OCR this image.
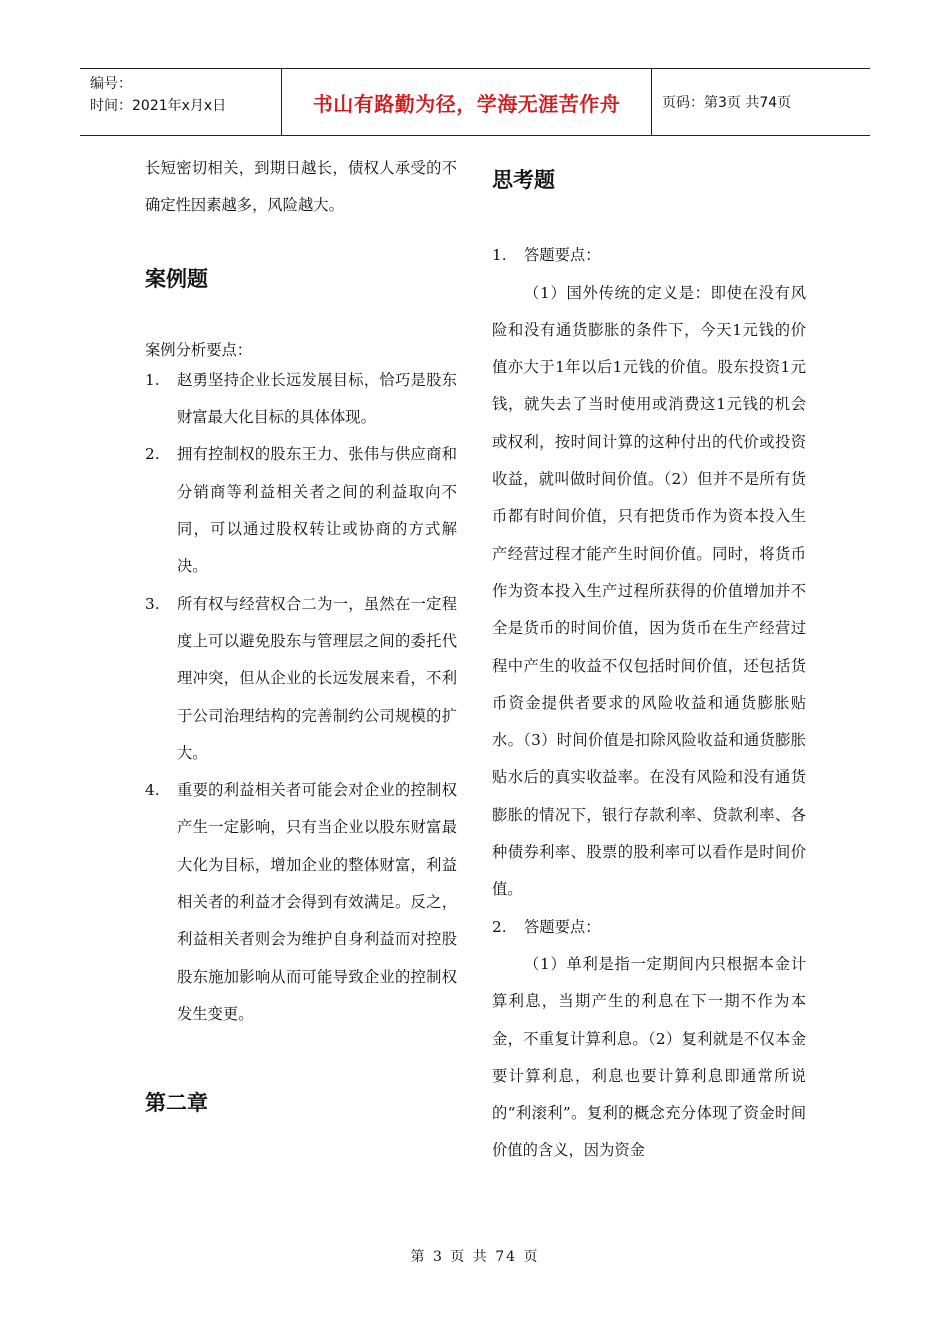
编号：
时间：2021年x月x日	书山有路勤为径，学海无涯苦作舟	页码：第3页 共74页

长短密切相关，到期日越长，债权人承受的不确定性因素越多，风险越大。

案例题

案例分析要点：

1.	赵勇坚持企业长远发展目标，恰巧是股东财富最大化目标的具体体现。
2.	拥有控制权的股东王力、张伟与供应商和分销商等利益相关者之间的利益取向不同，可以通过股权转让或协商的方式解决。
3.	所有权与经营权合二为一，虽然在一定程度上可以避免股东与管理层之间的委托代理冲突，但从企业的长远发展来看，不利于公司治理结构的完善制约公司规模的扩大。
4.	重要的利益相关者可能会对企业的控制权产生一定影响，只有当企业以股东财富最大化为目标，增加企业的整体财富，利益相关者的利益才会得到有效满足。反之，利益相关者则会为维护自身利益而对控股股东施加影响从而可能导致企业的控制权发生变更。
第二章
思考题
1.	答题要点：

（1）国外传统的定义是：即使在没有风险和没有通货膨胀的条件下，今天1元钱的价值亦大于1年以后1元钱的价值。股东投资1元钱，就失去了当时使用或消费这1元钱的机会或权利，按时间计算的这种付出的代价或投资收益，就叫做时间价值。（2）但并不是所有货币都有时间价值，只有把货币作为资本投入生产经营过程才能产生时间价值。同时，将货币作为资本投入生产过程所获得的价值增加并不全是货币的时间价值，因为货币在生产经营过程中产生的收益不仅包括时间价值，还包括货币资金提供者要求的风险收益和通货膨胀贴水。（3）时间价值是扣除风险收益和通货膨胀贴水后的真实收益率。在没有风险和没有通货膨胀的情况下，银行存款利率、贷款利率、各种债券利率、股票的股利率可以看作是时间价值。

2.	答题要点：

（1）单利是指一定期间内只根据本金计算利息，当期产生的利息在下一期不作为本金，不重复计算利息。（2）复利就是不仅本金要计算利息，利息也要计算利息即通常所说的“利滚利”。复利的概念充分体现了资金时间价值的含义，因为资金

第 3 页 共 74 页
